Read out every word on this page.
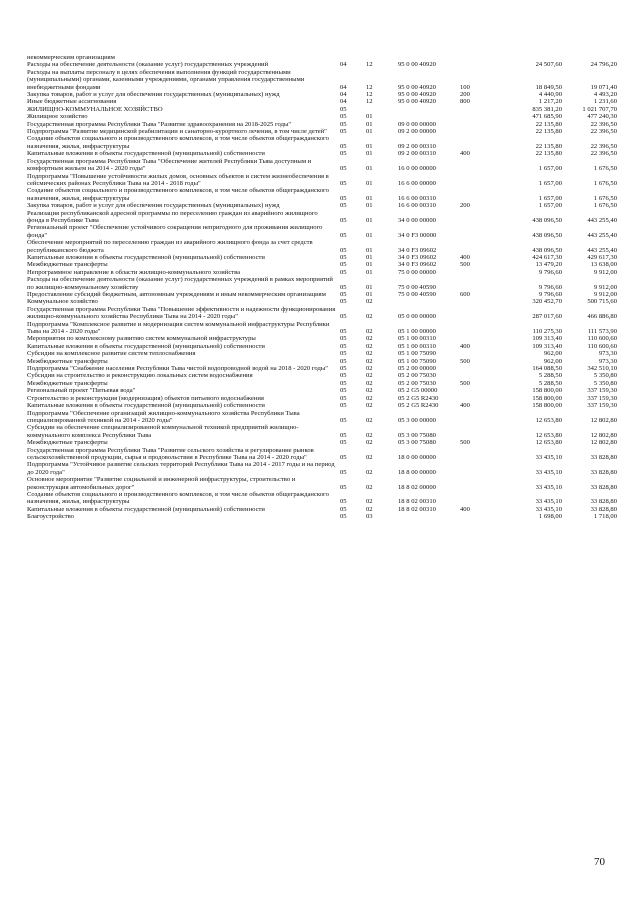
некоммерческим организациям
Расходы на обеспечение деятельности (оказание услуг) государственных учреждений	04	12	95 0 00 40920	24 507,60	24 796,20
Расходы на выплаты персоналу в целях обеспечения выполнения функций государственными (муниципальными) органами, казенными учреждениями, органами управления государственными внебюджетными фондами	04	12	95 0 00 40920	100	18 849,50	19 071,40
Закупка товаров, работ и услуг для обеспечения государственных (муниципальных) нужд	04	12	95 0 00 40920	200	4 440,90	4 493,20
Иные бюджетные ассигнования	04	12	95 0 00 40920	800	1 217,20	1 231,60
ЖИЛИЩНО-КОММУНАЛЬНОЕ ХОЗЯЙСТВО	05	835 381,20	1 021 707,70
Жилищное хозяйство	05	01	471 685,90	477 240,30
Государственная программа Республики Тыва "Развитие здравоохранения на 2018-2025 годы"	05	01	09 0 00 00000	22 135,80	22 396,50
Подпрограмма "Развитие медицинской реабилитации и санаторно-курортного лечения, в том числе детей"	05	01	09 2 00 00000	22 135,80	22 396,50
Создание объектов социального и производственного комплексов, в том числе объектов общегражданского назначения, жилья, инфраструктуры	05	01	09 2 00 00310	22 135,80	22 396,50
Капитальные вложения в объекты государственной (муниципальной) собственности	05	01	09 2 00 00310	400	22 135,80	22 396,50
Государственная программа Республики Тыва "Обеспечение жителей Республики Тыва доступным и комфортным жильем на 2014 - 2020 годы"	05	01	16 0 00 00000	1 657,00	1 676,50
Подпрограмма "Повышение устойчивости жилых домов, основных объектов и систем жизнеобеспечения в сейсмических районах Республики Тыва на 2014 - 2018 годы"	05	01	16 6 00 00000	1 657,00	1 676,50
Создание объектов социального и производственного комплексов, в том числе объектов общегражданского назначения, жилья, инфраструктуры	05	01	16 6 00 00310	1 657,00	1 676,50
Закупка товаров, работ и услуг для обеспечения государственных (муниципальных) нужд	05	01	16 6 00 00310	200	1 657,00	1 676,50
Реализация республиканской адресной программы по переселению граждан из аварийного жилищного фонда в Республике Тыва	05	01	34 0 00 00000	438 096,50	443 255,40
Региональный проект "Обеспечение устойчивого сокращения непригодного для проживания жилищного фонда"	05	01	34 0 F3 00000	438 096,50	443 255,40
Обеспечение мероприятий по переселению граждан из аварийного жилищного фонда за счет средств республиканского бюджета	05	01	34 0 F3 09602	438 096,50	443 255,40
Капитальные вложения в объекты государственной (муниципальной) собственности	05	01	34 0 F3 09602	400	424 617,30	429 617,30
Межбюджетные трансферты	05	01	34 0 F3 09602	500	13 479,20	13 638,00
Непрограммное направление в области жилищно-коммунального хозяйства	05	01	75 0 00 00000	9 796,60	9 912,00
Расходы на обеспечение деятельности (оказание услуг) государственных учреждений в рамках мероприятий по жилищно-коммунальному хозяйству	05	01	75 0 00 40590	9 796,60	9 912,00
Предоставление субсидий бюджетным, автономным учреждениям и иным некоммерческим организациям	05	01	75 0 00 40590	600	9 796,60	9 912,00
Коммунальное хозяйство	05	02	320 452,70	500 715,60
Государственная программа Республики Тыва "Повышение эффективности и надежности функционирования жилищно-коммунального хозяйства Республики Тыва на 2014 - 2020 годы"	05	02	05 0 00 00000	287 017,60	466 886,80
Подпрограмма "Комплексное развитие и модернизация систем коммунальной инфраструктуры Республики Тыва на 2014 - 2020 годы"	05	02	05 1 00 00000	110 275,30	111 573,90
Мероприятия по комплексному развитию систем коммунальной инфраструктуры	05	02	05 1 00 00310	109 313,40	110 600,60
Капитальные вложения в объекты государственной (муниципальной) собственности	05	02	05 1 00 00310	400	109 313,40	110 600,60
Субсидии на комплексное развитие систем теплоснабжения	05	02	05 1 00 75090	962,00	973,30
Межбюджетные трансферты	05	02	05 1 00 75090	500	962,00	973,30
Подпрограмма "Снабжение населения Республики Тыва чистой водопроводной водой на 2018 - 2020 годы"	05	02	05 2 00 00000	164 088,50	342 510,10
Субсидии на строительство и реконструкцию локальных систем водоснабжения	05	02	05 2 00 75030	5 288,50	5 350,80
Межбюджетные трансферты	05	02	05 2 00 75030	500	5 288,50	5 350,80
Региональный проект "Питьевая вода"	05	02	05 2 G5 00000	158 800,00	337 159,30
Строительство и реконструкция (модернизация) объектов питьевого водоснабжения	05	02	05 2 G5 R2430	158 800,00	337 159,30
Капитальные вложения в объекты государственной (муниципальной) собственности	05	02	05 2 G5 R2430	400	158 800,00	337 159,30
Подпрограмма "Обеспечение организаций жилищно-коммунального хозяйства Республики Тыва специализированной техникой на 2014 - 2020 годы"	05	02	05 3 00 00000	12 653,80	12 802,80
Субсидии на обеспечение специализированной коммунальной техникой предприятий жилищно-коммунального комплекса Республики Тыва	05	02	05 3 00 75080	12 653,80	12 802,80
Межбюджетные трансферты	05	02	05 3 00 75080	500	12 653,80	12 802,80
Государственная программа Республики Тыва "Развитие сельского хозяйства и регулирование рынков сельскохозяйственной продукции, сырья и продовольствия в Республике Тыва на 2014 - 2020 годы"	05	02	18 0 00 00000	33 435,10	33 828,80
Подпрограмма "Устойчивое развитие сельских территорий Республики Тыва на 2014 - 2017 годы и на период до 2020 года"	05	02	18 8 00 00000	33 435,10	33 828,80
Основное мероприятие "Развитие социальной и инженерной инфраструктуры, строительство и реконструкция автомобильных дорог"	05	02	18 8 02 00000	33 435,10	33 828,80
Создание объектов социального и производственного комплексов, в том числе объектов общегражданского назначения, жилья, инфраструктуры	05	02	18 8 02 00310	33 435,10	33 828,80
Капитальные вложения в объекты государственной (муниципальной) собственности	05	02	18 8 02 00310	400	33 435,10	33 828,80
Благоустройство	05	03	1 698,00	1 718,00
70
